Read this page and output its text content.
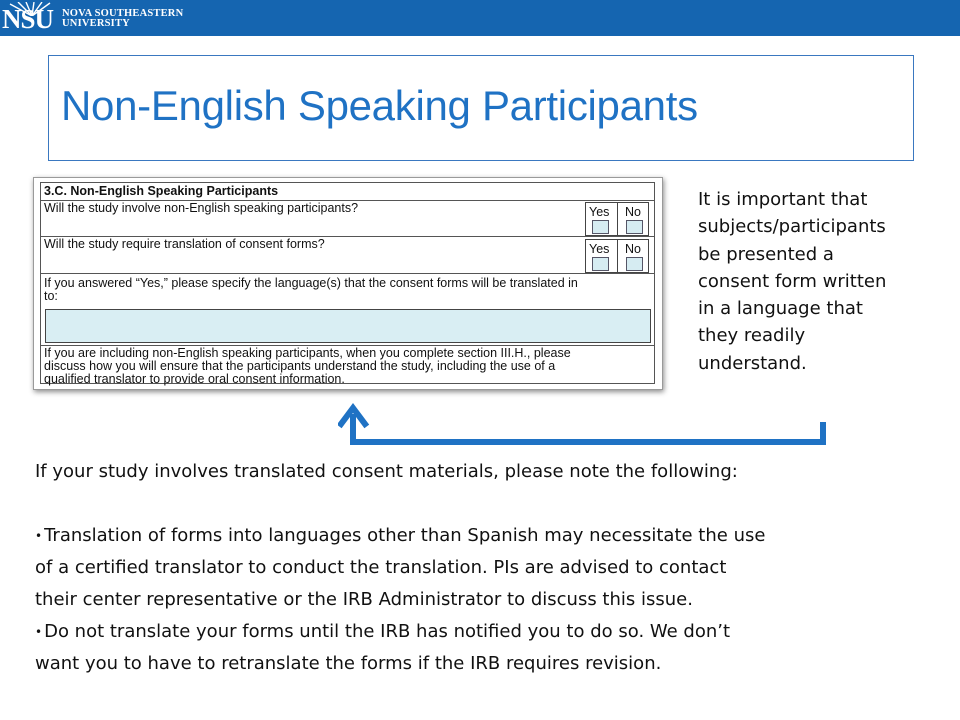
NSU NOVA SOUTHEASTERN
UNIVERSITY
Non-English Speaking Participants
3.C. Non-English Speaking Participants
Will the study involve non-English speaking participants?	Yes No
Will the study require translation of consent forms?	Yes No
If you answered “Yes,” please specify the language(s) that the consent forms will be translated in
to:
If you are including non-English speaking participants, when you complete section III.H., please
discuss how you will ensure that the participants understand the study, including the use of a
qualified translator to provide oral consent information.
It is important that
subjects/participants
be presented a
consent form written
in a language that
they readily
understand.

If your study involves translated consent materials, please note the following:

• Translation of forms into languages other than Spanish may necessitate the use

of a certified translator to conduct the translation. PIs are advised to contact

their center representative or the IRB Administrator to discuss this issue.

• Do not translate your forms until the IRB has notified you to do so. We don’t

want you to have to retranslate the forms if the IRB requires revision.
